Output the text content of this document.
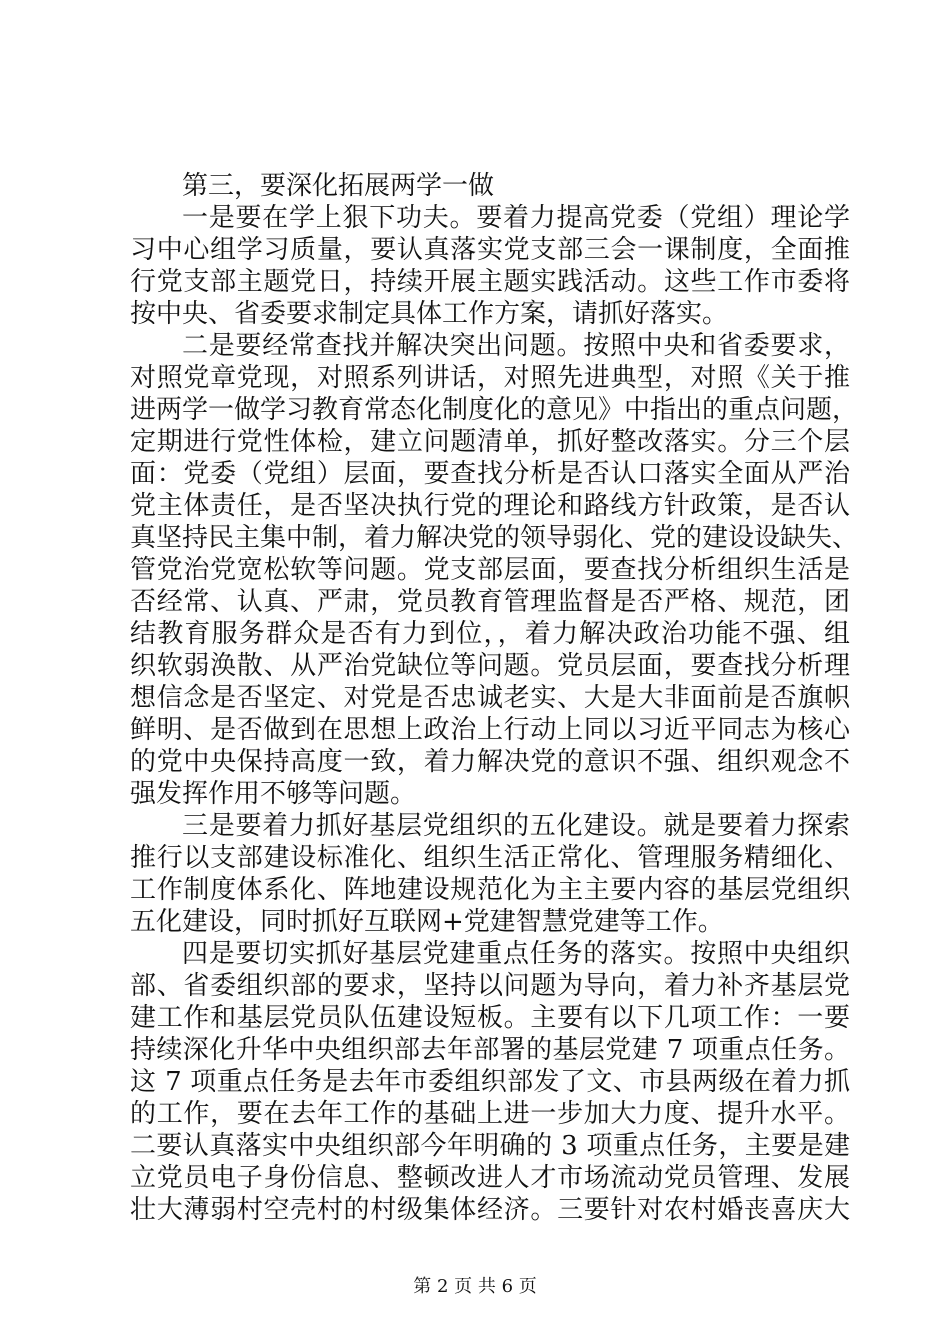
第三，要深化拓展两学一做
一是要在学上狠下功夫。要着力提高党委（党组）理论学
习中心组学习质量，要认真落实党支部三会一课制度，全面推
行党支部主题党日，持续开展主题实践活动。这些工作市委将
按中央、省委要求制定具体工作方案，请抓好落实。
二是要经常查找并解决突出问题。按照中央和省委要求，
对照党章党现，对照系列讲话，对照先进典型，对照《关于推
进两学一做学习教育常态化制度化的意见》中指出的重点问题，
定期进行党性体检，建立问题清单，抓好整改落实。分三个层
面：党委（党组）层面，要查找分析是否认口落实全面从严治
党主体责任，是否坚决执行党的理论和路线方针政策，是否认
真坚持民主集中制，着力解决党的领导弱化、党的建设设缺失、
管党治党宽松软等问题。党支部层面，要查找分析组织生活是
否经常、认真、严肃，党员教育管理监督是否严格、规范，团
结教育服务群众是否有力到位，，着力解决政治功能不强、组
织软弱涣散、从严治党缺位等问题。党员层面，要查找分析理
想信念是否坚定、对党是否忠诚老实、大是大非面前是否旗帜
鲜明、是否做到在思想上政治上行动上同以习近平同志为核心
的党中央保持高度一致，着力解决党的意识不强、组织观念不
强发挥作用不够等问题。
三是要着力抓好基层党组织的五化建设。就是要着力探索
推行以支部建设标准化、组织生活正常化、管理服务精细化、
工作制度体系化、阵地建设规范化为主主要内容的基层党组织
五化建设，同时抓好互联网+党建智慧党建等工作。
四是要切实抓好基层党建重点任务的落实。按照中央组织
部、省委组织部的要求，坚持以问题为导向，着力补齐基层党
建工作和基层党员队伍建设短板。主要有以下几项工作：一要
持续深化升华中央组织部去年部署的基层党建 7 项重点任务。
这 7 项重点任务是去年市委组织部发了文、市县两级在着力抓
的工作，要在去年工作的基础上进一步加大力度、提升水平。
二要认真落实中央组织部今年明确的 3 项重点任务，主要是建
立党员电子身份信息、整顿改进人才市场流动党员管理、发展
壮大薄弱村空壳村的村级集体经济。三要针对农村婚丧喜庆大
第 2 页 共 6 页
